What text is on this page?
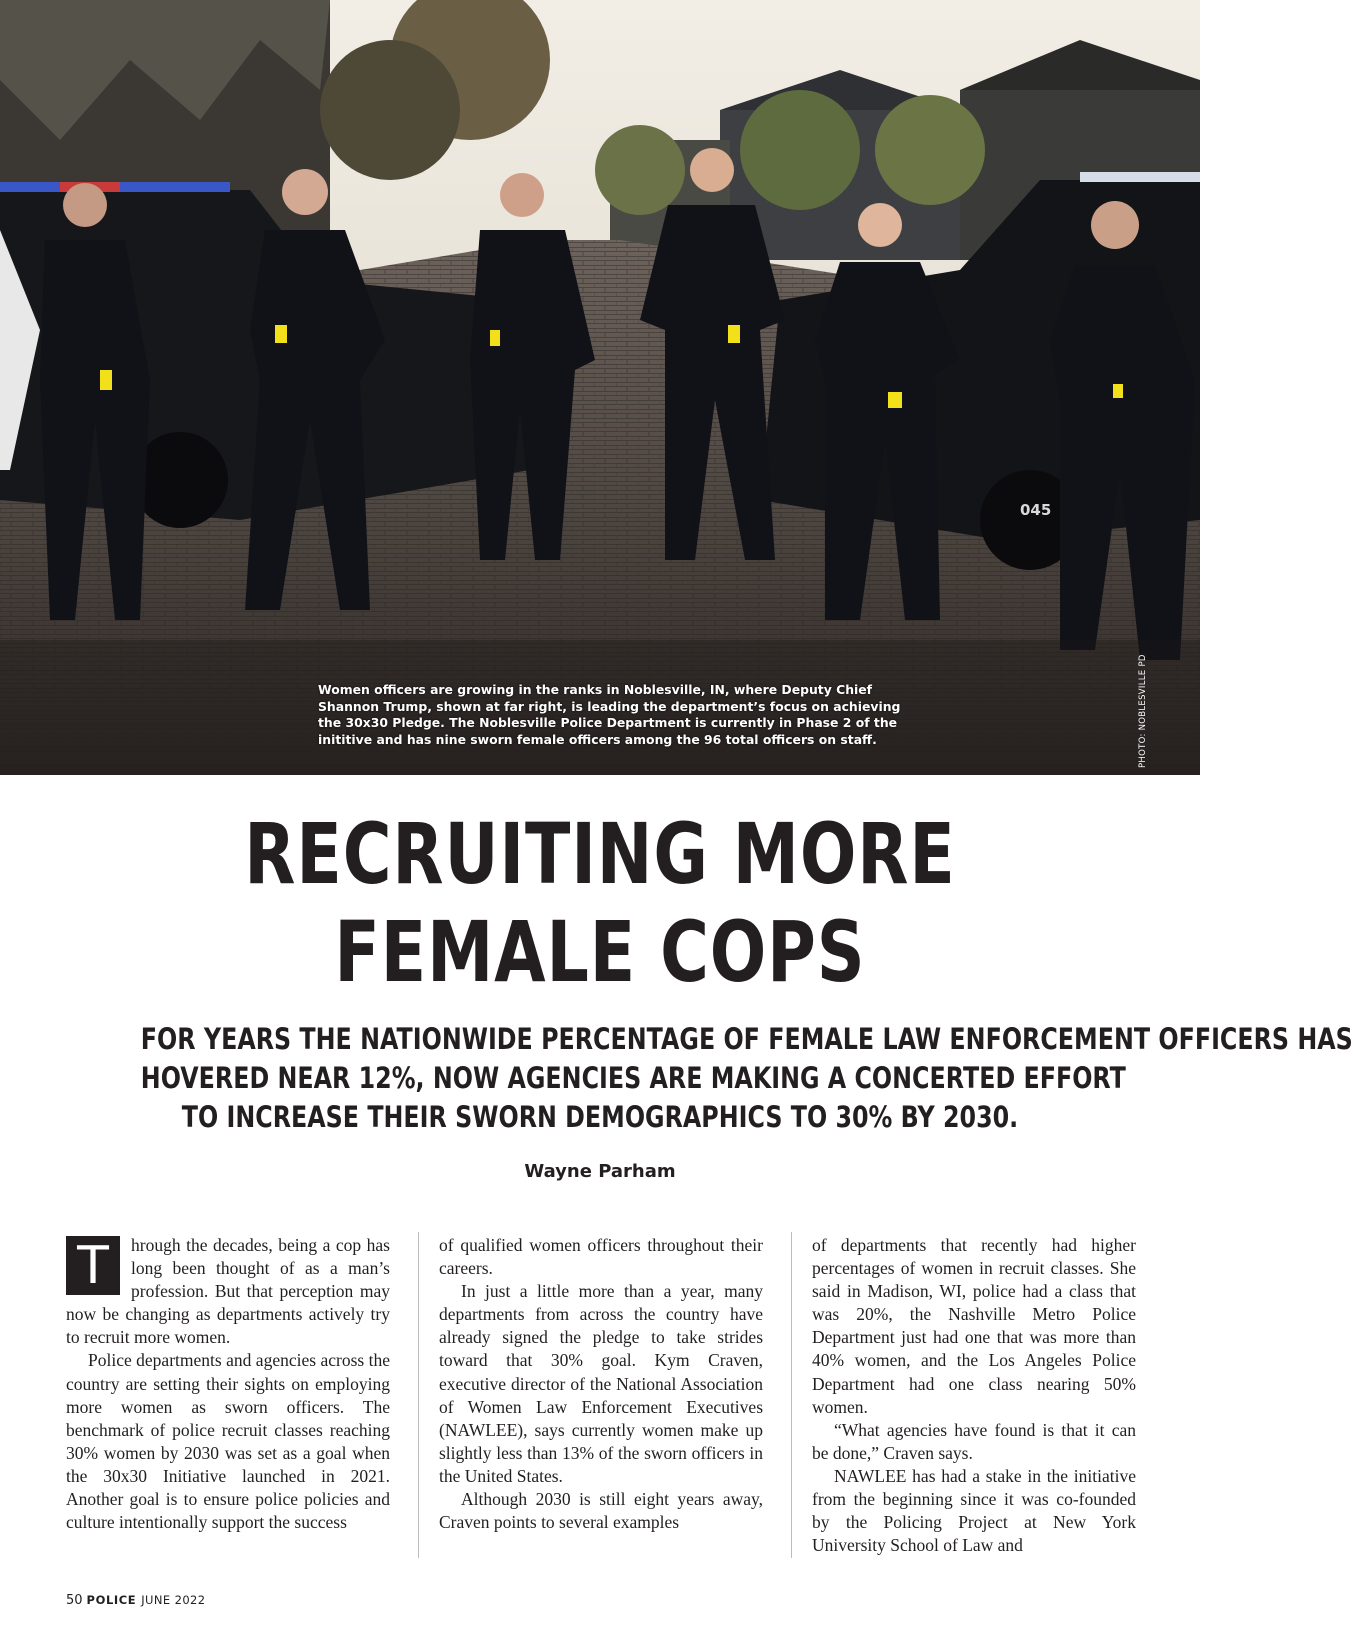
045
Women officers are growing in the ranks in Noblesville, IN, where Deputy Chief Shannon Trump, shown at far right, is leading the department’s focus on achieving the 30x30 Pledge. The Noblesville Police Department is currently in Phase 2 of the inititive and has nine sworn female officers among the 96 total officers on staff.	PHOTO: NOBLESVILLE PD
RECRUITING MORE
FEMALE COPS
FOR YEARS THE NATIONWIDE PERCENTAGE OF FEMALE LAW ENFORCEMENT OFFICERS HAS
HOVERED NEAR 12%, NOW AGENCIES ARE MAKING A CONCERTED EFFORT
TO INCREASE THEIR SWORN DEMOGRAPHICS TO 30% BY 2030.
Wayne Parham

T	hrough the decades, being a cop has long been thought of as a man’s profession. But that perception may now be changing as departments actively try to recruit more women.

Police departments and agencies across the country are setting their sights on employing more women as sworn officers. The benchmark of police recruit classes reaching 30% women by 2030 was set as a goal when the 30x30 Initiative launched in 2021. Another goal is to ensure police policies and culture intentionally support the success

of qualified women officers throughout their careers.

In just a little more than a year, many departments from across the country have already signed the pledge to take strides toward that 30% goal. Kym Craven, executive director of the National Association of Women Law Enforcement Executives (NAWLEE), says currently women make up slightly less than 13% of the sworn officers in the United States.

Although 2030 is still eight years away, Craven points to several examples

of departments that recently had higher percentages of women in recruit classes. She said in Madison, WI, police had a class that was 20%, the Nashville Metro Police Department just had one that was more than 40% women, and the Los Angeles Police Department had one class nearing 50% women.

“What agencies have found is that it can be done,” Craven says.

NAWLEE has had a stake in the initiative from the beginning since it was co-founded by the Policing Project at New York University School of Law and

50 POLICE JUNE 2022
